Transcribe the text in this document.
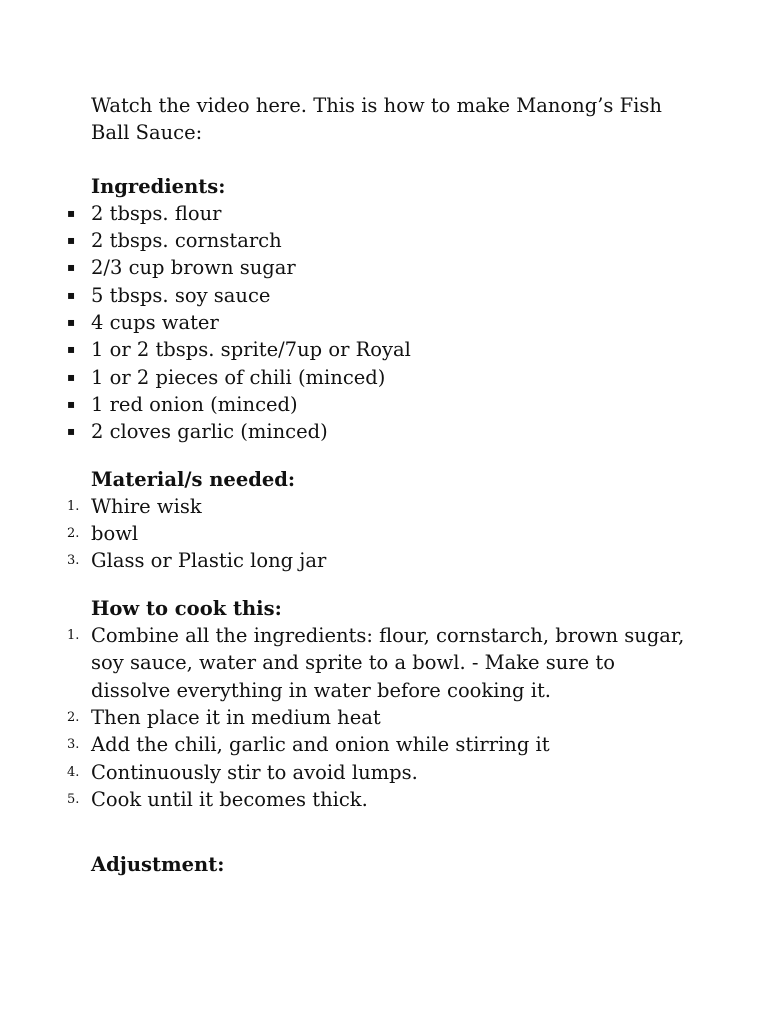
Watch the video here. This is how to make Manong’s Fish Ball Sauce:

Ingredients:

▪ 2 tbsps. flour
▪ 2 tbsps. cornstarch
▪ 2/3 cup brown sugar
▪ 5 tbsps. soy sauce
▪ 4 cups water
▪ 1 or 2 tbsps. sprite/7up or Royal
▪ 1 or 2 pieces of chili (minced)
▪ 1 red onion (minced)
▪ 2 cloves garlic (minced)

Material/s needed:

1. Whire wisk
2. bowl
3. Glass or Plastic long jar

How to cook this:

1. Combine all the ingredients: flour, cornstarch, brown sugar, soy sauce, water and sprite to a bowl. - Make sure to dissolve everything in water before cooking it.
2. Then place it in medium heat
3. Add the chili, garlic and onion while stirring it
4. Continuously stir to avoid lumps.
5. Cook until it becomes thick.

Adjustment:
